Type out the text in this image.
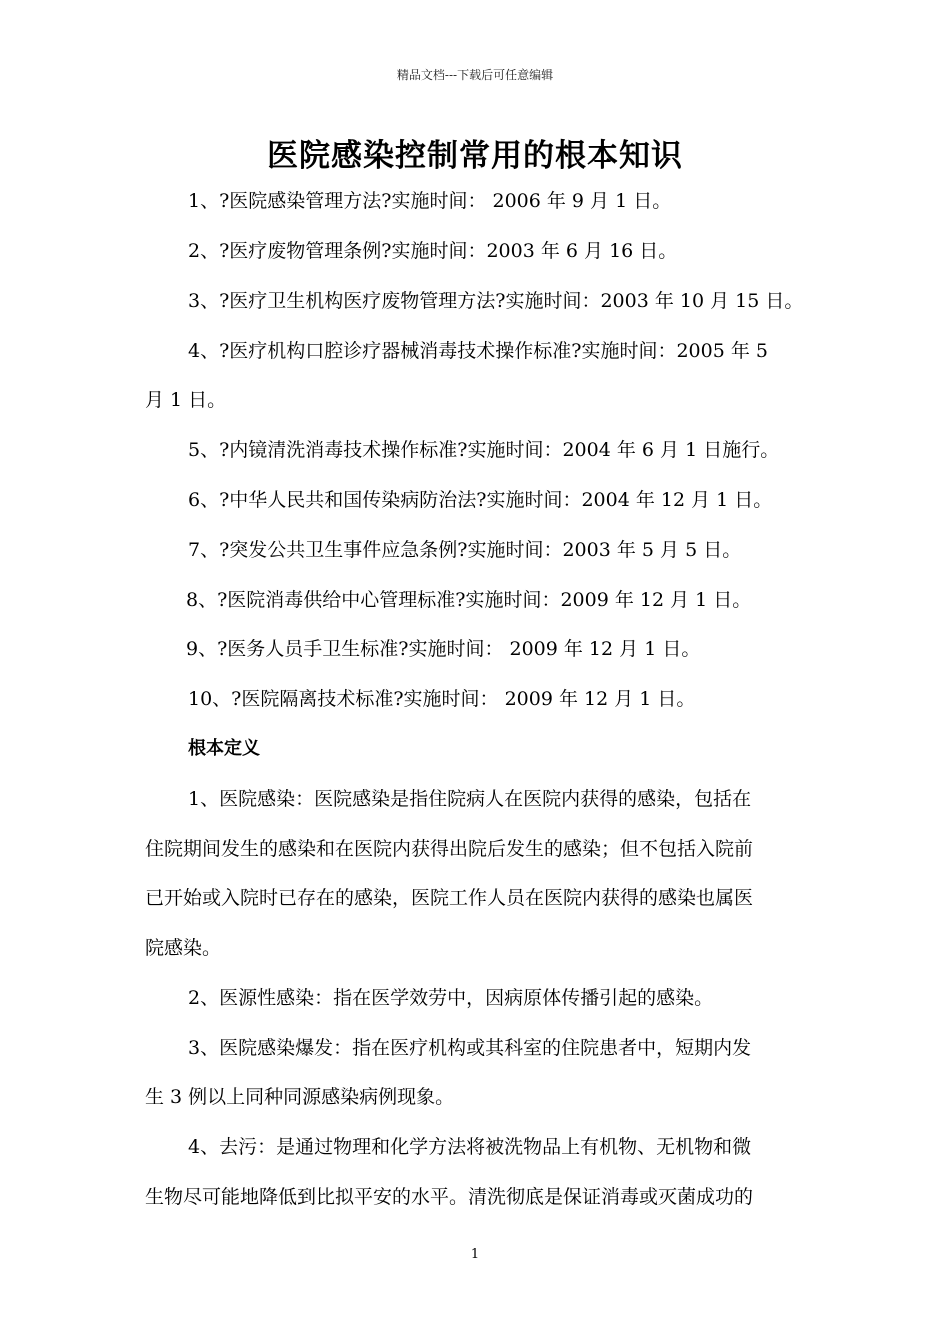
精品文档---下载后可任意编辑
医院感染控制常用的根本知识

1、?医院感染管理方法?实施时间： 2006 年 9 月 1 日。

2、?医疗废物管理条例?实施时间：2003 年 6 月 16 日。

3、?医疗卫生机构医疗废物管理方法?实施时间：2003 年 10 月 15 日。

4、?医疗机构口腔诊疗器械消毒技术操作标准?实施时间：2005 年 5

月 1 日。

5、?内镜清洗消毒技术操作标准?实施时间：2004 年 6 月 1 日施行。

6、?中华人民共和国传染病防治法?实施时间：2004 年 12 月 1 日。

7、?突发公共卫生事件应急条例?实施时间：2003 年 5 月 5 日。

8、?医院消毒供给中心管理标准?实施时间：2009 年 12 月 1 日。

9、?医务人员手卫生标准?实施时间： 2009 年 12 月 1 日。

10、?医院隔离技术标准?实施时间： 2009 年 12 月 1 日。

根本定义

1、医院感染：医院感染是指住院病人在医院内获得的感染，包括在

住院期间发生的感染和在医院内获得出院后发生的感染；但不包括入院前

已开始或入院时已存在的感染，医院工作人员在医院内获得的感染也属医

院感染。

2、医源性感染：指在医学效劳中，因病原体传播引起的感染。

3、医院感染爆发：指在医疗机构或其科室的住院患者中，短期内发

生 3 例以上同种同源感染病例现象。

4、去污：是通过物理和化学方法将被洗物品上有机物、无机物和微

生物尽可能地降低到比拟平安的水平。清洗彻底是保证消毒或灭菌成功的

1
